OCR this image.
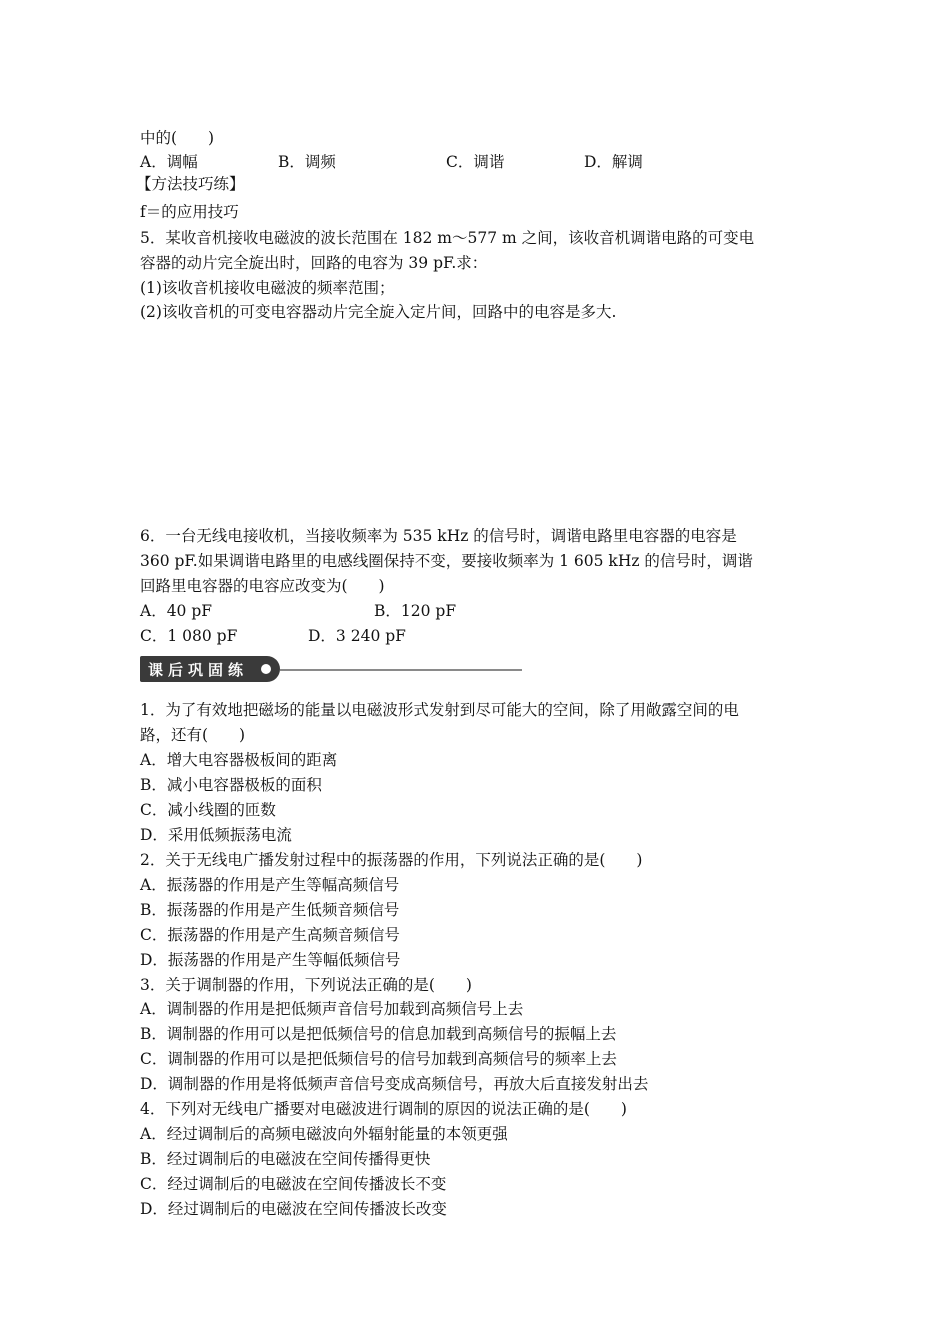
中的(　　)
A．调幅	B．调频	C．调谐	D．解调
【方法技巧练】
f＝的应用技巧
5．某收音机接收电磁波的波长范围在 182 m～577 m 之间，该收音机调谐电路的可变电
容器的动片完全旋出时，回路的电容为 39 pF.求：
(1)该收音机接收电磁波的频率范围；
(2)该收音机的可变电容器动片完全旋入定片间，回路中的电容是多大.
6．一台无线电接收机，当接收频率为 535 kHz 的信号时，调谐电路里电容器的电容是
360 pF.如果调谐电路里的电感线圈保持不变，要接收频率为 1 605 kHz 的信号时，调谐
回路里电容器的电容应改变为(　　)
A．40 pF	B．120 pF
C．1 080 pF	D．3 240 pF
课后巩固练
1．为了有效地把磁场的能量以电磁波形式发射到尽可能大的空间，除了用敞露空间的电
路，还有(　　)
A．增大电容器极板间的距离
B．减小电容器极板的面积
C．减小线圈的匝数
D．采用低频振荡电流
2．关于无线电广播发射过程中的振荡器的作用，下列说法正确的是(　　)
A．振荡器的作用是产生等幅高频信号
B．振荡器的作用是产生低频音频信号
C．振荡器的作用是产生高频音频信号
D．振荡器的作用是产生等幅低频信号
3．关于调制器的作用，下列说法正确的是(　　)
A．调制器的作用是把低频声音信号加载到高频信号上去
B．调制器的作用可以是把低频信号的信息加载到高频信号的振幅上去
C．调制器的作用可以是把低频信号的信号加载到高频信号的频率上去
D．调制器的作用是将低频声音信号变成高频信号，再放大后直接发射出去
4．下列对无线电广播要对电磁波进行调制的原因的说法正确的是(　　)
A．经过调制后的高频电磁波向外辐射能量的本领更强
B．经过调制后的电磁波在空间传播得更快
C．经过调制后的电磁波在空间传播波长不变
D．经过调制后的电磁波在空间传播波长改变
